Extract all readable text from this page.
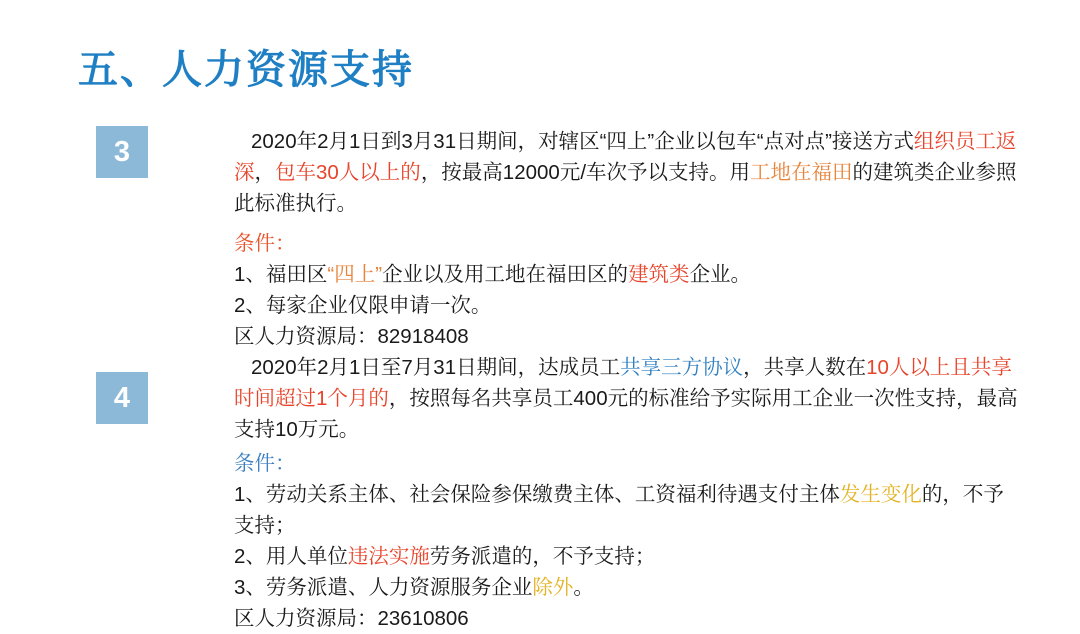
五、人力资源支持
3	2020年2月1日到3月31日期间，对辖区“四上”企业以包车“点对点”接送方式组织员工返深，包车30人以上的，按最高12000元/车次予以支持。用工地在福田的建筑类企业参照此标准执行。

条件：

1、福田区“四上”企业以及用工地在福田区的建筑类企业。

2、每家企业仅限申请一次。

区人力资源局：82918408

4

2020年2月1日至7月31日期间，达成员工共享三方协议，共享人数在10人以上且共享时间超过1个月的，按照每名共享员工400元的标准给予实际用工企业一次性支持，最高支持10万元。

条件：

1、劳动关系主体、社会保险参保缴费主体、工资福利待遇支付主体发生变化的，不予支持；

2、用人单位违法实施劳务派遣的，不予支持；

3、劳务派遣、人力资源服务企业除外。

区人力资源局：23610806
